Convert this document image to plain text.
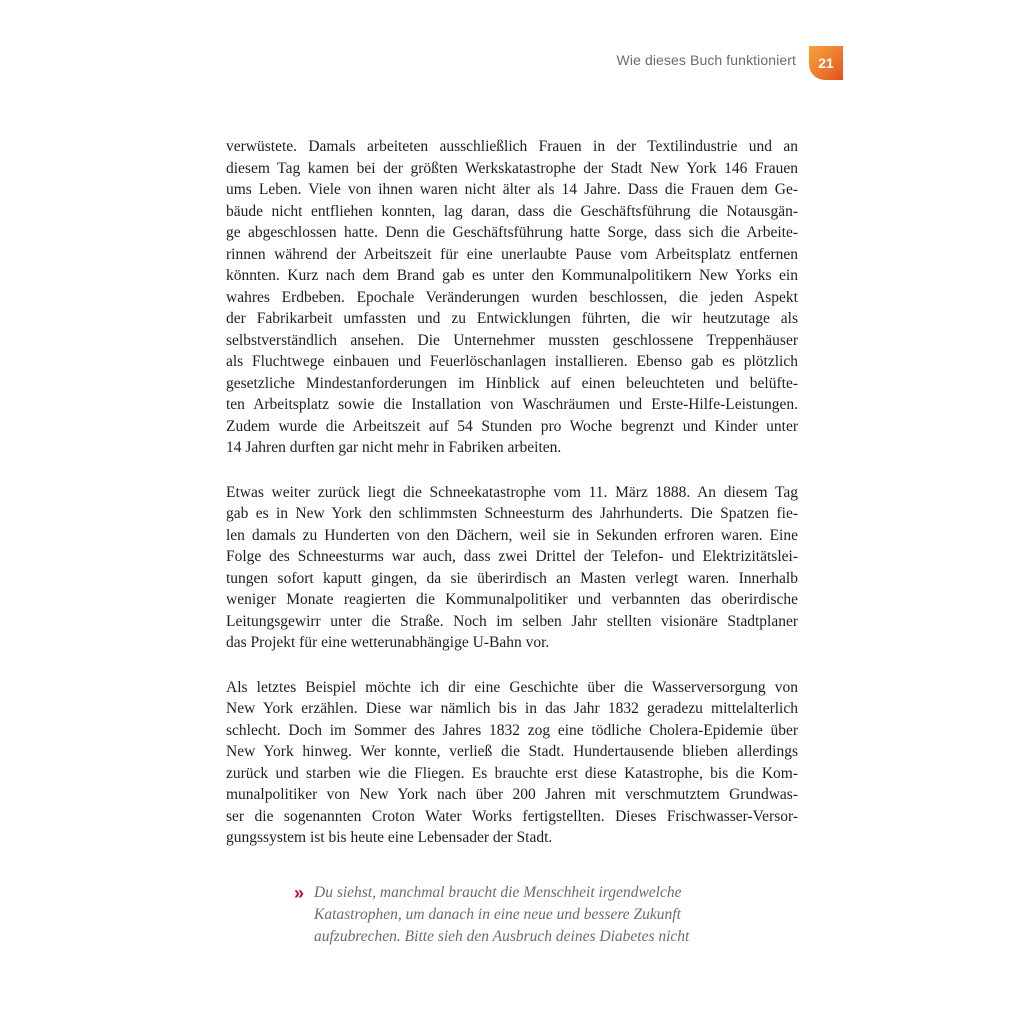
Wie dieses Buch funktioniert 21

verwüstete. Damals arbeiteten ausschließlich Frauen in der Textilindustrie und an
diesem Tag kamen bei der größten Werkskatastrophe der Stadt New York 146 Frauen
ums Leben. Viele von ihnen waren nicht älter als 14 Jahre. Dass die Frauen dem Ge-
bäude nicht entfliehen konnten, lag daran, dass die Geschäftsführung die Notausgän-
ge abgeschlossen hatte. Denn die Geschäftsführung hatte Sorge, dass sich die Arbeite-
rinnen während der Arbeitszeit für eine unerlaubte Pause vom Arbeitsplatz entfernen
könnten. Kurz nach dem Brand gab es unter den Kommunalpolitikern New Yorks ein
wahres Erdbeben. Epochale Veränderungen wurden beschlossen, die jeden Aspekt
der Fabrikarbeit umfassten und zu Entwicklungen führten, die wir heutzutage als
selbstverständlich ansehen. Die Unternehmer mussten geschlossene Treppenhäuser
als Fluchtwege einbauen und Feuerlöschanlagen installieren. Ebenso gab es plötzlich
gesetzliche Mindestanforderungen im Hinblick auf einen beleuchteten und belüfte-
ten Arbeitsplatz sowie die Installation von Waschräumen und Erste-Hilfe-Leistungen.
Zudem wurde die Arbeitszeit auf 54 Stunden pro Woche begrenzt und Kinder unter
14 Jahren durften gar nicht mehr in Fabriken arbeiten.

Etwas weiter zurück liegt die Schneekatastrophe vom 11. März 1888. An diesem Tag
gab es in New York den schlimmsten Schneesturm des Jahrhunderts. Die Spatzen fie-
len damals zu Hunderten von den Dächern, weil sie in Sekunden erfroren waren. Eine
Folge des Schneesturms war auch, dass zwei Drittel der Telefon- und Elektrizitätslei-
tungen sofort kaputt gingen, da sie überirdisch an Masten verlegt waren. Innerhalb
weniger Monate reagierten die Kommunalpolitiker und verbannten das oberirdische
Leitungsgewirr unter die Straße. Noch im selben Jahr stellten visionäre Stadtplaner
das Projekt für eine wetterunabhängige U-Bahn vor.

Als letztes Beispiel möchte ich dir eine Geschichte über die Wasserversorgung von
New York erzählen. Diese war nämlich bis in das Jahr 1832 geradezu mittelalterlich
schlecht. Doch im Sommer des Jahres 1832 zog eine tödliche Cholera-Epidemie über
New York hinweg. Wer konnte, verließ die Stadt. Hundertausende blieben allerdings
zurück und starben wie die Fliegen. Es brauchte erst diese Katastrophe, bis die Kom-
munalpolitiker von New York nach über 200 Jahren mit verschmutztem Grundwas-
ser die sogenannten Croton Water Works fertigstellten. Dieses Frischwasser-Versor-
gungssystem ist bis heute eine Lebensader der Stadt.

» Du siehst, manchmal braucht die Menschheit irgendwelche
Katastrophen, um danach in eine neue und bessere Zukunft
aufzubrechen. Bitte sieh den Ausbruch deines Diabetes nicht
